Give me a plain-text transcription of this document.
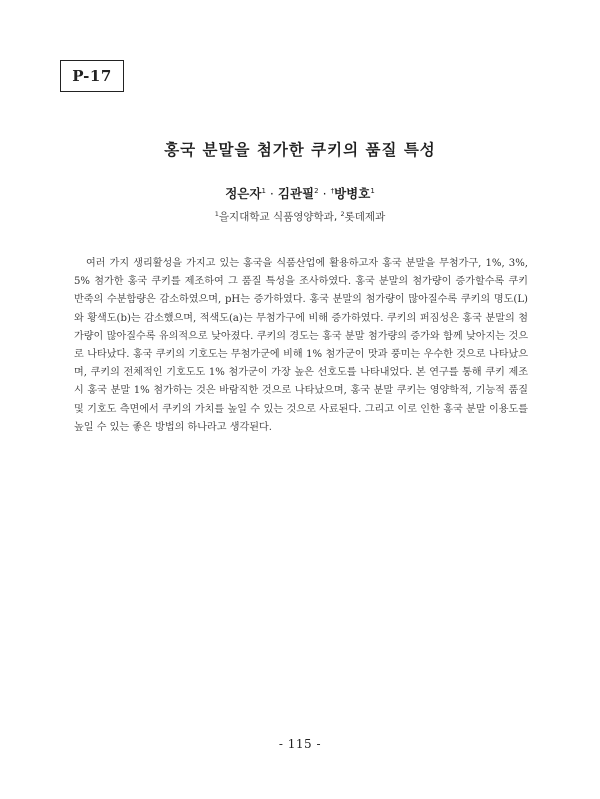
P-17
홍국 분말을 첨가한 쿠키의 품질 특성
정은자$^1$ · 김관필$^2$ · †방병호$^1$
$^1$을지대학교 식품영양학과, $^2$롯데제과

여러 가지 생리활성을 가지고 있는 홍국을 식품산업에 활용하고자 홍국 분말을 무첨가구, 1%, 3%, 5% 첨가한 홍국 쿠키를 제조하여 그 품질 특성을 조사하였다. 홍국 분말의 첨가량이 증가할수록 쿠키 반죽의 수분함량은 감소하였으며, pH는 증가하였다. 홍국 분말의 첨가량이 많아질수록 쿠키의 명도(L) 와 황색도(b)는 감소했으며, 적색도(a)는 무첨가구에 비해 증가하였다. 쿠키의 퍼짐성은 홍국 분말의 첨가량이 많아질수록 유의적으로 낮아졌다. 쿠키의 경도는 홍국 분말 첨가량의 증가와 함께 낮아지는 것으로 나타났다. 홍국 쿠키의 기호도는 무첨가군에 비해 1% 첨가군이 맛과 풍미는 우수한 것으로 나타났으며, 쿠키의 전체적인 기호도도 1% 첨가군이 가장 높은 선호도를 나타내었다. 본 연구를 통해 쿠키 제조시 홍국 분말 1% 첨가하는 것은 바람직한 것으로 나타났으며, 홍국 분말 쿠키는 영양학적, 기능적 품질 및 기호도 측면에서 쿠키의 가치를 높일 수 있는 것으로 사료된다. 그리고 이로 인한 홍국 분말 이용도를 높일 수 있는 좋은 방법의 하나라고 생각된다.

- 115 -
